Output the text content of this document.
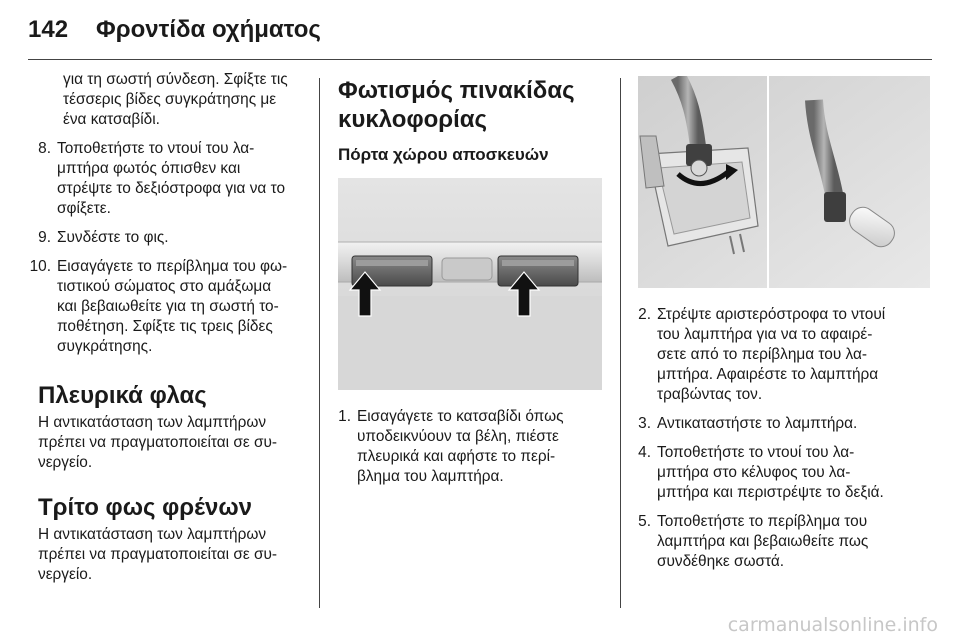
142 Φροντίδα οχήματος
για τη σωστή σύνδεση. Σφίξτε τις
τέσσερις βίδες συγκράτησης με
ένα κατσαβίδι.
8. Τοποθετήστε το ντουί του λα-
μπτήρα φωτός όπισθεν και
στρέψτε το δεξιόστροφα για να το
σφίξετε.
9. Συνδέστε το φις.
10. Εισαγάγετε το περίβλημα του φω-
τιστικού σώματος στο αμάξωμα
και βεβαιωθείτε για τη σωστή το-
ποθέτηση. Σφίξτε τις τρεις βίδες
συγκράτησης.
Πλευρικά φλας
Η αντικατάσταση των λαμπτήρων
πρέπει να πραγματοποιείται σε συ-
νεργείο.
Τρίτο φως φρένων
Η αντικατάσταση των λαμπτήρων
πρέπει να πραγματοποιείται σε συ-
νεργείο.
Φωτισμός πινακίδας
κυκλοφορίας
Πόρτα χώρου αποσκευών
1. Εισαγάγετε το κατσαβίδι όπως
υποδεικνύουν τα βέλη, πιέστε
πλευρικά και αφήστε το περί-
βλημα του λαμπτήρα.
2. Στρέψτε αριστερόστροφα το ντουί
του λαμπτήρα για να το αφαιρέ-
σετε από το περίβλημα του λα-
μπτήρα. Αφαιρέστε το λαμπτήρα
τραβώντας τον.
3. Αντικαταστήστε το λαμπτήρα.
4. Τοποθετήστε το ντουί του λα-
μπτήρα στο κέλυφος του λα-
μπτήρα και περιστρέψτε το δεξιά.
5. Τοποθετήστε το περίβλημα του
λαμπτήρα και βεβαιωθείτε πως
συνδέθηκε σωστά.
carmanualsonline.info
